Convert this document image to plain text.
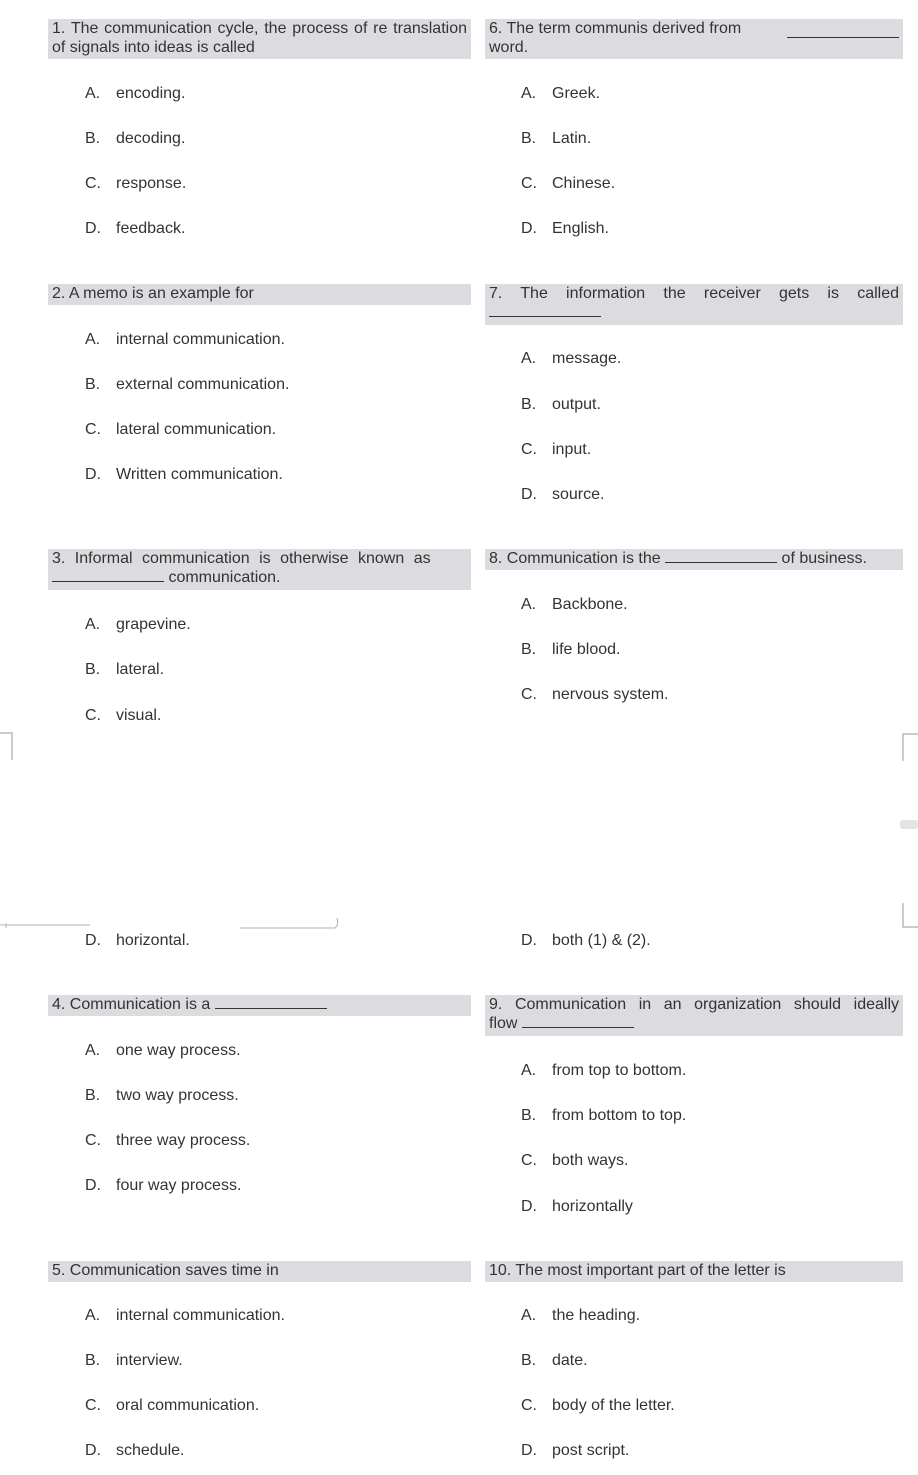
1. The communication cycle, the process of re translation of signals into ideas is called
A. encoding.
B. decoding.
C. response.
D. feedback.
2. A memo is an example for
A. internal communication.
B. external communication.
C. lateral communication.
D. Written communication.
3. Informal communication is otherwise known as
communication.
A. grapevine.
B. lateral.
C. visual.
D. horizontal.
4. Communication is a
A. one way process.
B. two way process.
C. three way process.
D. four way process.
5. Communication saves time in
A. internal communication.
B. interview.
C. oral communication.
D. schedule.
6. The term communis derived from
word.
A. Greek.
B. Latin.
C. Chinese.
D. English.
7. The information the receiver gets is called
A. message.
B. output.
C. input.
D. source.
8. Communication is the	of business.
A. Backbone.
B. life blood.
C. nervous system.
D. both (1) & (2).
9. Communication in an organization should ideally
flow
A. from top to bottom.
B. from bottom to top.
C. both ways.
D. horizontally
10. The most important part of the letter is
A. the heading.
B. date.
C. body of the letter.
D. post script.
